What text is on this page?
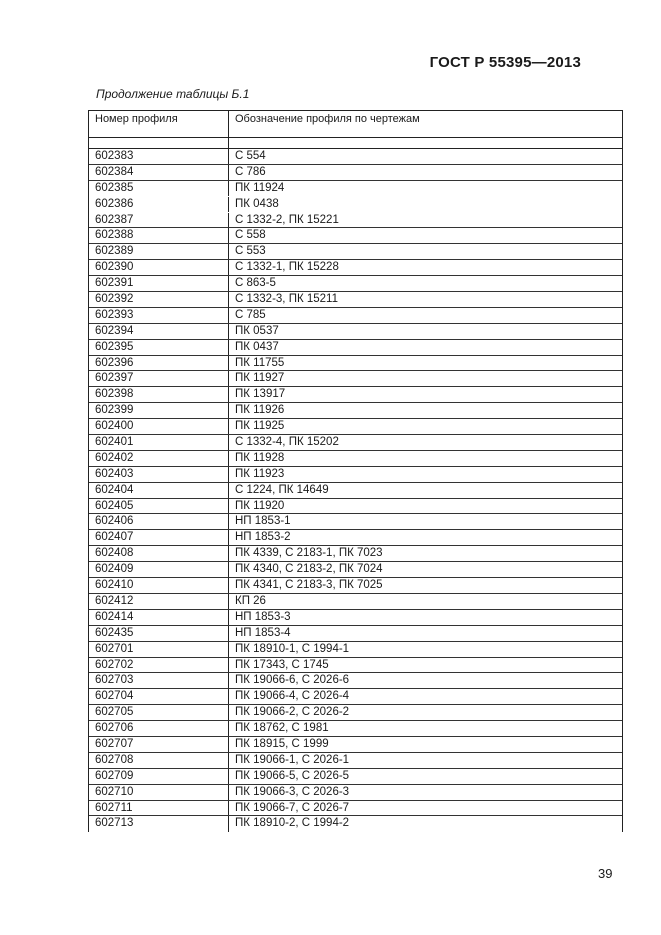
ГОСТ Р 55395—2013
Продолжение таблицы Б.1
Номер профиля	Обозначение профиля по чертежам
602383	С 554
602384	С 786
602385	ПК 11924
602386	ПК 0438
602387	С 1332-2, ПК 15221
602388	С 558
602389	С 553
602390	С 1332-1, ПК 15228
602391	С 863-5
602392	С 1332-3, ПК 15211
602393	С 785
602394	ПК 0537
602395	ПК 0437
602396	ПК 11755
602397	ПК 11927
602398	ПК 13917
602399	ПК 11926
602400	ПК 11925
602401	С 1332-4, ПК 15202
602402	ПК 11928
602403	ПК 11923
602404	С 1224, ПК 14649
602405	ПК 11920
602406	НП 1853-1
602407	НП 1853-2
602408	ПК 4339, С 2183-1, ПК 7023
602409	ПК 4340, С 2183-2, ПК 7024
602410	ПК 4341, С 2183-3, ПК 7025
602412	КП 26
602414	НП 1853-3
602435	НП 1853-4
602701	ПК 18910-1, С 1994-1
602702	ПК 17343, С 1745
602703	ПК 19066-6, С 2026-6
602704	ПК 19066-4, С 2026-4
602705	ПК 19066-2, С 2026-2
602706	ПК 18762, С 1981
602707	ПК 18915, С 1999
602708	ПК 19066-1, С 2026-1
602709	ПК 19066-5, С 2026-5
602710	ПК 19066-3, С 2026-3
602711	ПК 19066-7, С 2026-7
602713	ПК 18910-2, С 1994-2
39
